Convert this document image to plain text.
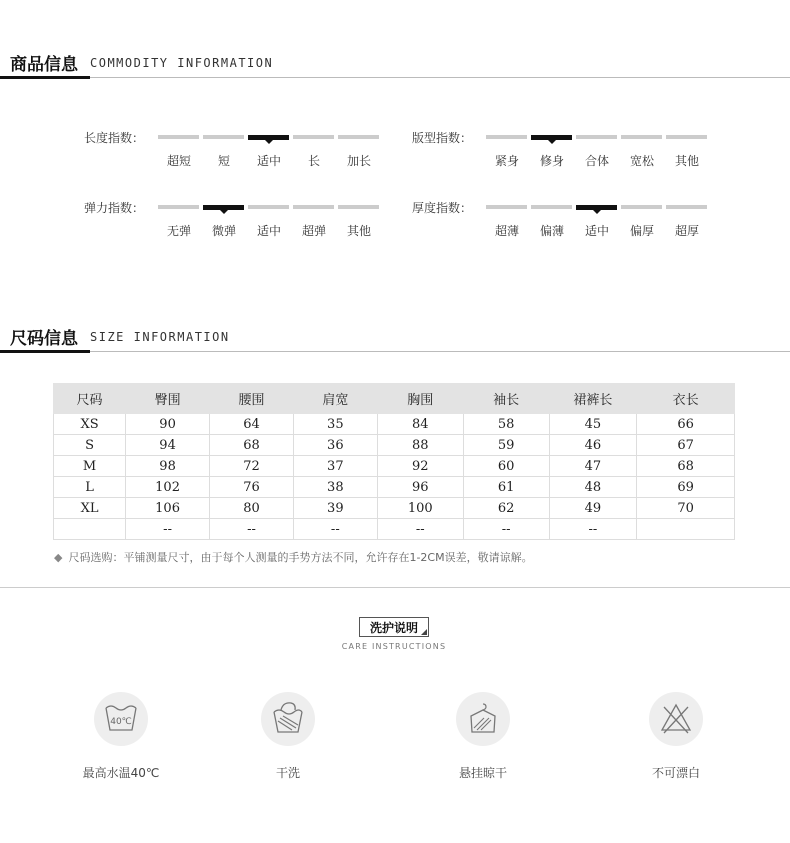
商品信息 COMMODITY INFORMATION
长度指数：
超短	短	适中	长	加长
版型指数：
紧身	修身	合体	宽松	其他
弹力指数：
无弹	微弹	适中	超弹	其他
厚度指数：
超薄	偏薄	适中	偏厚	超厚
尺码信息 SIZE INFORMATION
尺码	臀围	腰围	肩宽	胸围	袖长	裙裤长	衣长
XS	90	64	35	84	58	45	66
S	94	68	36	88	59	46	67
M	98	72	37	92	60	47	68
L	102	76	38	96	61	48	69
XL	106	80	39	100	62	49	70
	--	--	--	--	--	--	
◆ 尺码选购：平铺测量尺寸，由于每个人测量的手势方法不同，允许存在1-2CM误差，敬请谅解。
洗护说明
CARE INSTRUCTIONS
40℃
最高水温40℃	干洗	悬挂晾干	不可漂白
